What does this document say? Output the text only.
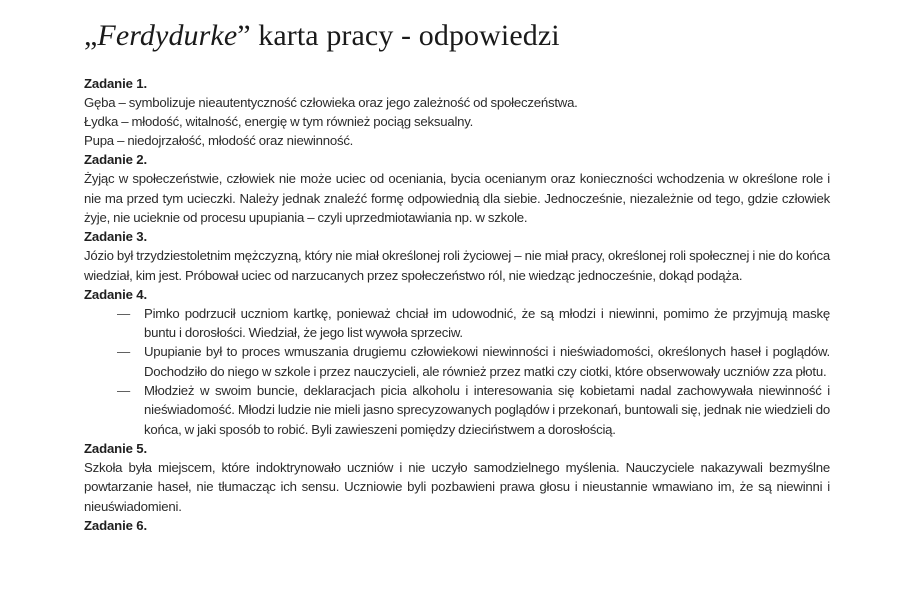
„Ferdydurke” karta pracy - odpowiedzi

Zadanie 1.

Gęba – symbolizuje nieautentyczność człowieka oraz jego zależność od społeczeństwa.

Łydka – młodość, witalność, energię w tym również pociąg seksualny.

Pupa – niedojrzałość, młodość oraz niewinność.

Zadanie 2.

Żyjąc w społeczeństwie, człowiek nie może uciec od oceniania, bycia ocenianym oraz konieczności wchodzenia w określone role i nie ma przed tym ucieczki. Należy jednak znaleźć formę odpowiednią dla siebie. Jednocześnie, niezależnie od tego, gdzie człowiek żyje, nie ucieknie od procesu upupiania – czyli uprzedmiotawiania np. w szkole.

Zadanie 3.

Józio był trzydziestoletnim mężczyzną, który nie miał określonej roli życiowej – nie miał pracy, określonej roli społecznej i nie do końca wiedział, kim jest. Próbował uciec od narzucanych przez społeczeństwo ról, nie wiedząc jednocześnie, dokąd podąża.

Zadanie 4.

— Pimko podrzucił uczniom kartkę, ponieważ chciał im udowodnić, że są młodzi i niewinni, pomimo że przyjmują maskę buntu i dorosłości. Wiedział, że jego list wywoła sprzeciw.
— Upupianie był to proces wmuszania drugiemu człowiekowi niewinności i nieświadomości, określonych haseł i poglądów. Dochodziło do niego w szkole i przez nauczycieli, ale również przez matki czy ciotki, które obserwowały uczniów zza płotu.
— Młodzież w swoim buncie, deklaracjach picia alkoholu i interesowania się kobietami nadal zachowywała niewinność i nieświadomość. Młodzi ludzie nie mieli jasno sprecyzowanych poglądów i przekonań, buntowali się, jednak nie wiedzieli do końca, w jaki sposób to robić. Byli zawieszeni pomiędzy dzieciństwem a dorosłością.

Zadanie 5.

Szkoła była miejscem, które indoktrynowało uczniów i nie uczyło samodzielnego myślenia. Nauczyciele nakazywali bezmyślne powtarzanie haseł, nie tłumacząc ich sensu. Uczniowie byli pozbawieni prawa głosu i nieustannie wmawiano im, że są niewinni i nieuświadomieni.

Zadanie 6.
